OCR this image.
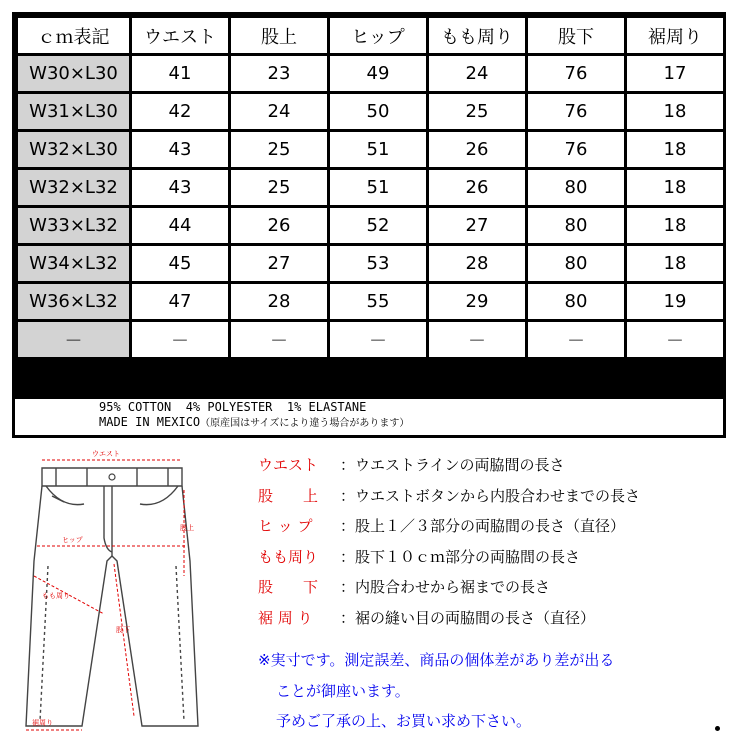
ｃｍ表記	ウエスト	股上	ヒップ	もも周り	股下	裾周り
W30×L30	41	23	49	24	76	17
W31×L30	42	24	50	25	76	18
W32×L30	43	25	51	26	76	18
W32×L32	43	25	51	26	80	18
W33×L32	44	26	52	27	80	18
W34×L32	45	27	53	28	80	18
W36×L32	47	28	55	29	80	19
－	－	－	－	－	－	－
95% COTTON  4% POLYESTER  1% ELASTANE
MADE IN MEXICO（原産国はサイズにより違う場合があります）
ウエスト
股上
ヒップ
もも周り
股下
裾周り
ウエスト ：ウエストラインの両脇間の長さ
股　　上 ：ウエストボタンから内股合わせまでの長さ
ヒ ッ プ ：股上１／３部分の両脇間の長さ（直径）
もも周り ：股下１０ｃｍ部分の両脇間の長さ
股　　下 ：内股合わせから裾までの長さ
裾 周 り ：裾の縫い目の両脇間の長さ（直径）
※実寸です。測定誤差、商品の個体差があり差が出る
ことが御座います。
予めご了承の上、お買い求め下さい。
